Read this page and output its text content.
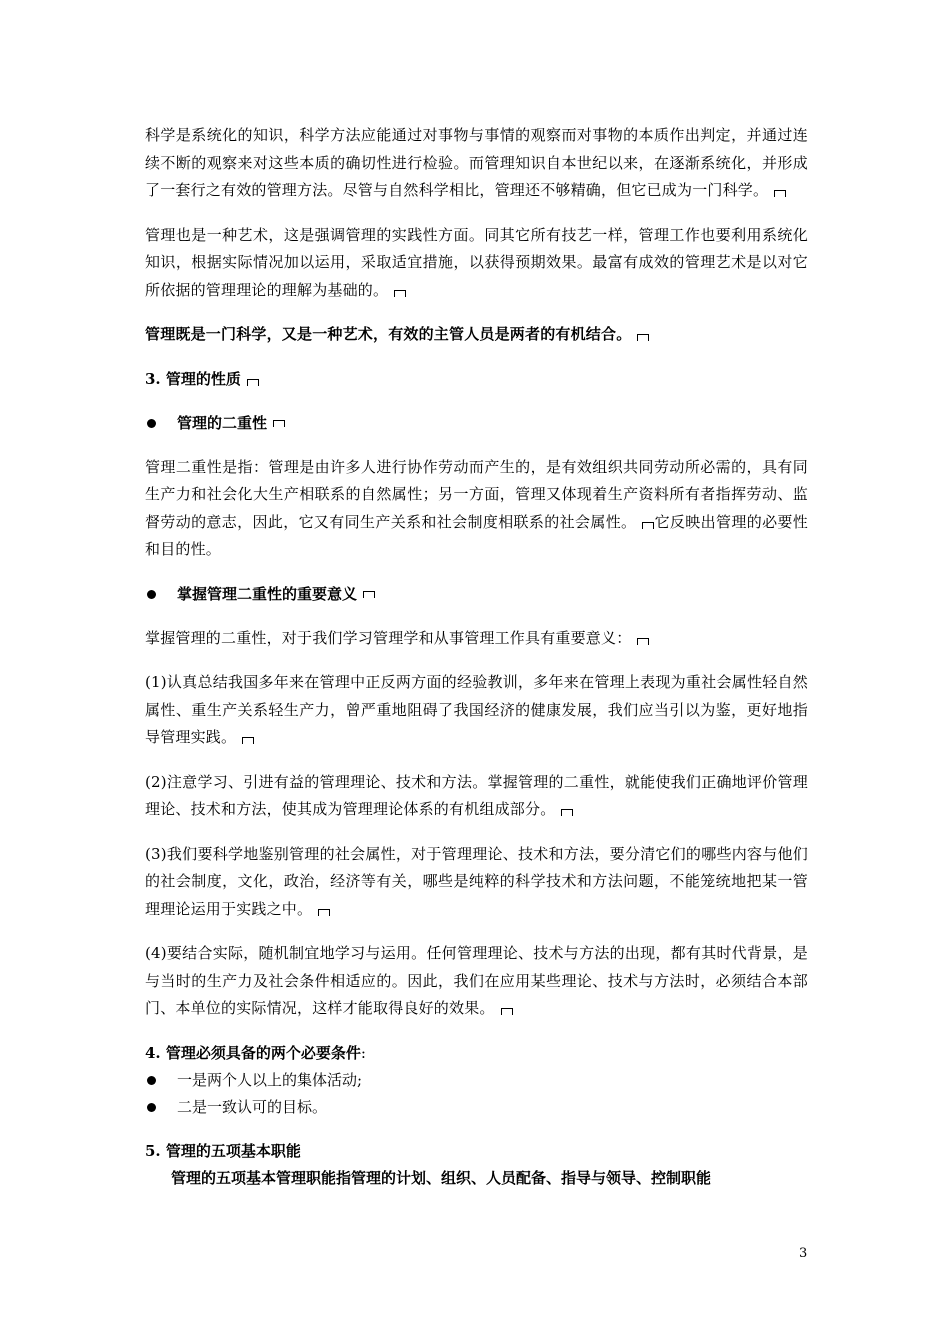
科学是系统化的知识，科学方法应能通过对事物与事情的观察而对事物的本质作出判定，并通过连续不断的观察来对这些本质的确切性进行检验。而管理知识自本世纪以来，在逐渐系统化，并形成了一套行之有效的管理方法。尽管与自然科学相比，管理还不够精确，但它已成为一门科学。

管理也是一种艺术，这是强调管理的实践性方面。同其它所有技艺一样，管理工作也要利用系统化知识，根据实际情况加以运用，采取适宜措施，以获得预期效果。最富有成效的管理艺术是以对它所依据的管理理论的理解为基础的。

管理既是一门科学，又是一种艺术，有效的主管人员是两者的有机结合。

3. 管理的性质
管理的二重性

管理二重性是指：管理是由许多人进行协作劳动而产生的，是有效组织共同劳动所必需的，具有同生产力和社会化大生产相联系的自然属性；另一方面，管理又体现着生产资料所有者指挥劳动、监督劳动的意志，因此，它又有同生产关系和社会制度相联系的社会属性。 它反映出管理的必要性和目的性。

掌握管理二重性的重要意义

掌握管理的二重性，对于我们学习管理学和从事管理工作具有重要意义：

(1)认真总结我国多年来在管理中正反两方面的经验教训，多年来在管理上表现为重社会属性轻自然属性、重生产关系轻生产力，曾严重地阻碍了我国经济的健康发展，我们应当引以为鉴，更好地指导管理实践。

(2)注意学习、引进有益的管理理论、技术和方法。掌握管理的二重性，就能使我们正确地评价管理理论、技术和方法，使其成为管理理论体系的有机组成部分。

(3)我们要科学地鉴别管理的社会属性，对于管理理论、技术和方法，要分清它们的哪些内容与他们的社会制度，文化，政治，经济等有关，哪些是纯粹的科学技术和方法问题，不能笼统地把某一管理理论运用于实践之中。

(4)要结合实际，随机制宜地学习与运用。任何管理理论、技术与方法的出现，都有其时代背景，是与当时的生产力及社会条件相适应的。因此，我们在应用某些理论、技术与方法时，必须结合本部门、本单位的实际情况，这样才能取得良好的效果。

4. 管理必须具备的两个必要条件:
一是两个人以上的集体活动;
二是一致认可的目标。
5. 管理的五项基本职能
管理的五项基本管理职能指管理的计划、组织、人员配备、指导与领导、控制职能
3
